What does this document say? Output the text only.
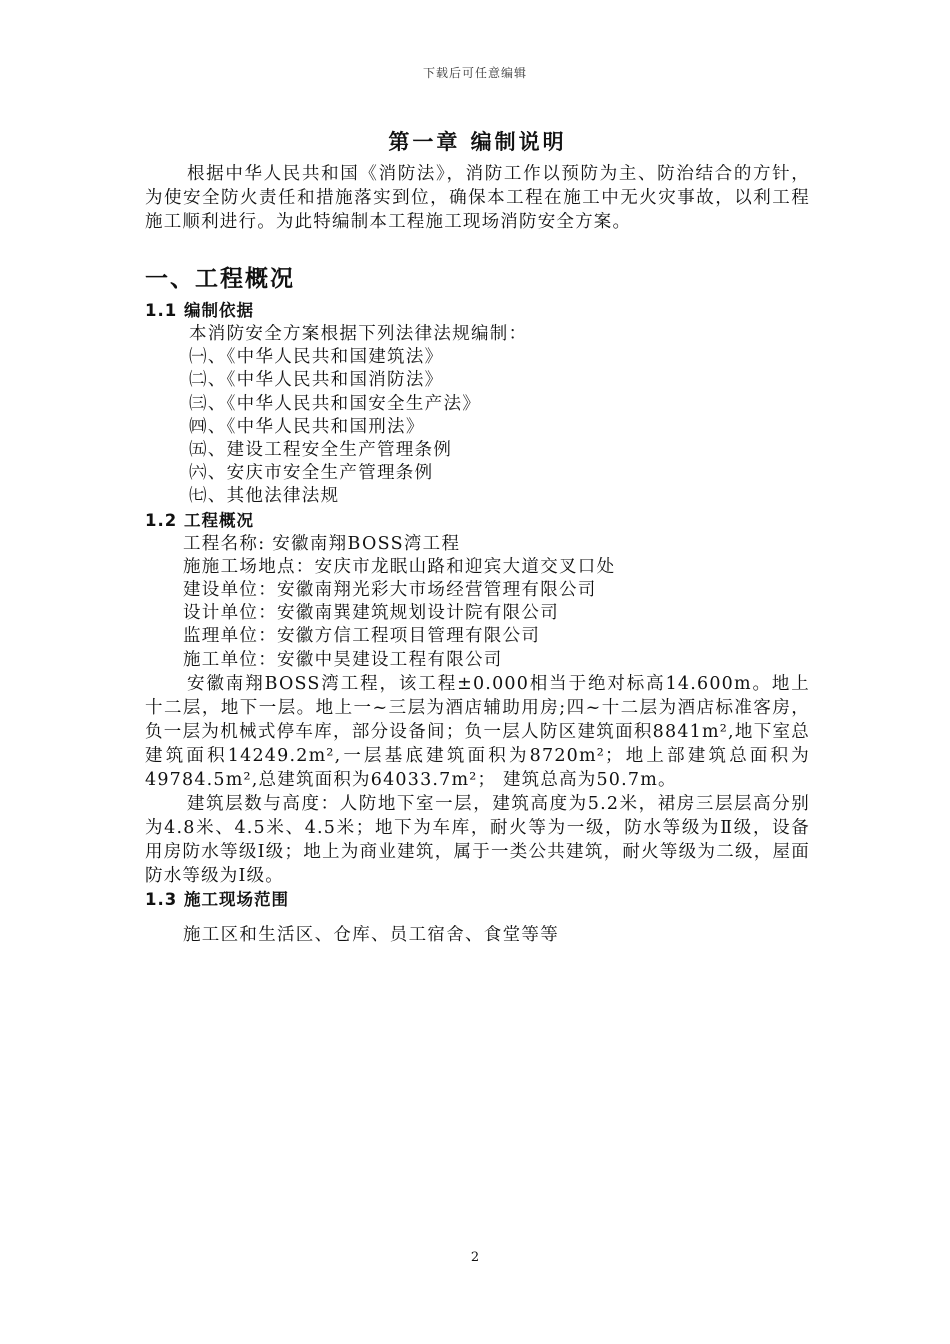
下载后可任意编辑
第一章 编制说明

根据中华人民共和国《消防法》，消防工作以预防为主、防治结合的方针，为使安全防火责任和措施落实到位，确保本工程在施工中无火灾事故，以利工程施工顺利进行。为此特编制本工程施工现场消防安全方案。

一、工程概况
1.1 编制依据

本消防安全方案根据下列法律法规编制：

㈠、《中华人民共和国建筑法》

㈡、《中华人民共和国消防法》

㈢、《中华人民共和国安全生产法》

㈣、《中华人民共和国刑法》

㈤、建设工程安全生产管理条例

㈥、安庆市安全生产管理条例

㈦、其他法律法规

1.2 工程概况

工程名称: 安徽南翔BOSS湾工程

施施工场地点：安庆市龙眠山路和迎宾大道交叉口处

建设单位：安徽南翔光彩大市场经营管理有限公司

设计单位：安徽南巽建筑规划设计院有限公司

监理单位：安徽方信工程项目管理有限公司

施工单位：安徽中昊建设工程有限公司

安徽南翔BOSS湾工程，该工程±0.000相当于绝对标高14.600m。地上十二层，地下一层。地上一~三层为酒店辅助用房;四~十二层为酒店标准客房，负一层为机械式停车库，部分设备间；负一层人防区建筑面积8841m²,地下室总建筑面积14249.2m²,一层基底建筑面积为8720m²；地上部建筑总面积为49784.5m²,总建筑面积为64033.7m²； 建筑总高为50.7m。

建筑层数与高度：人防地下室一层，建筑高度为5.2米，裙房三层层高分别为4.8米、4.5米、4.5米；地下为车库，耐火等为一级，防水等级为Ⅱ级，设备用房防水等级Ⅰ级；地上为商业建筑，属于一类公共建筑，耐火等级为二级，屋面防水等级为Ⅰ级。

1.3 施工现场范围

施工区和生活区、仓库、员工宿舍、食堂等等

2
